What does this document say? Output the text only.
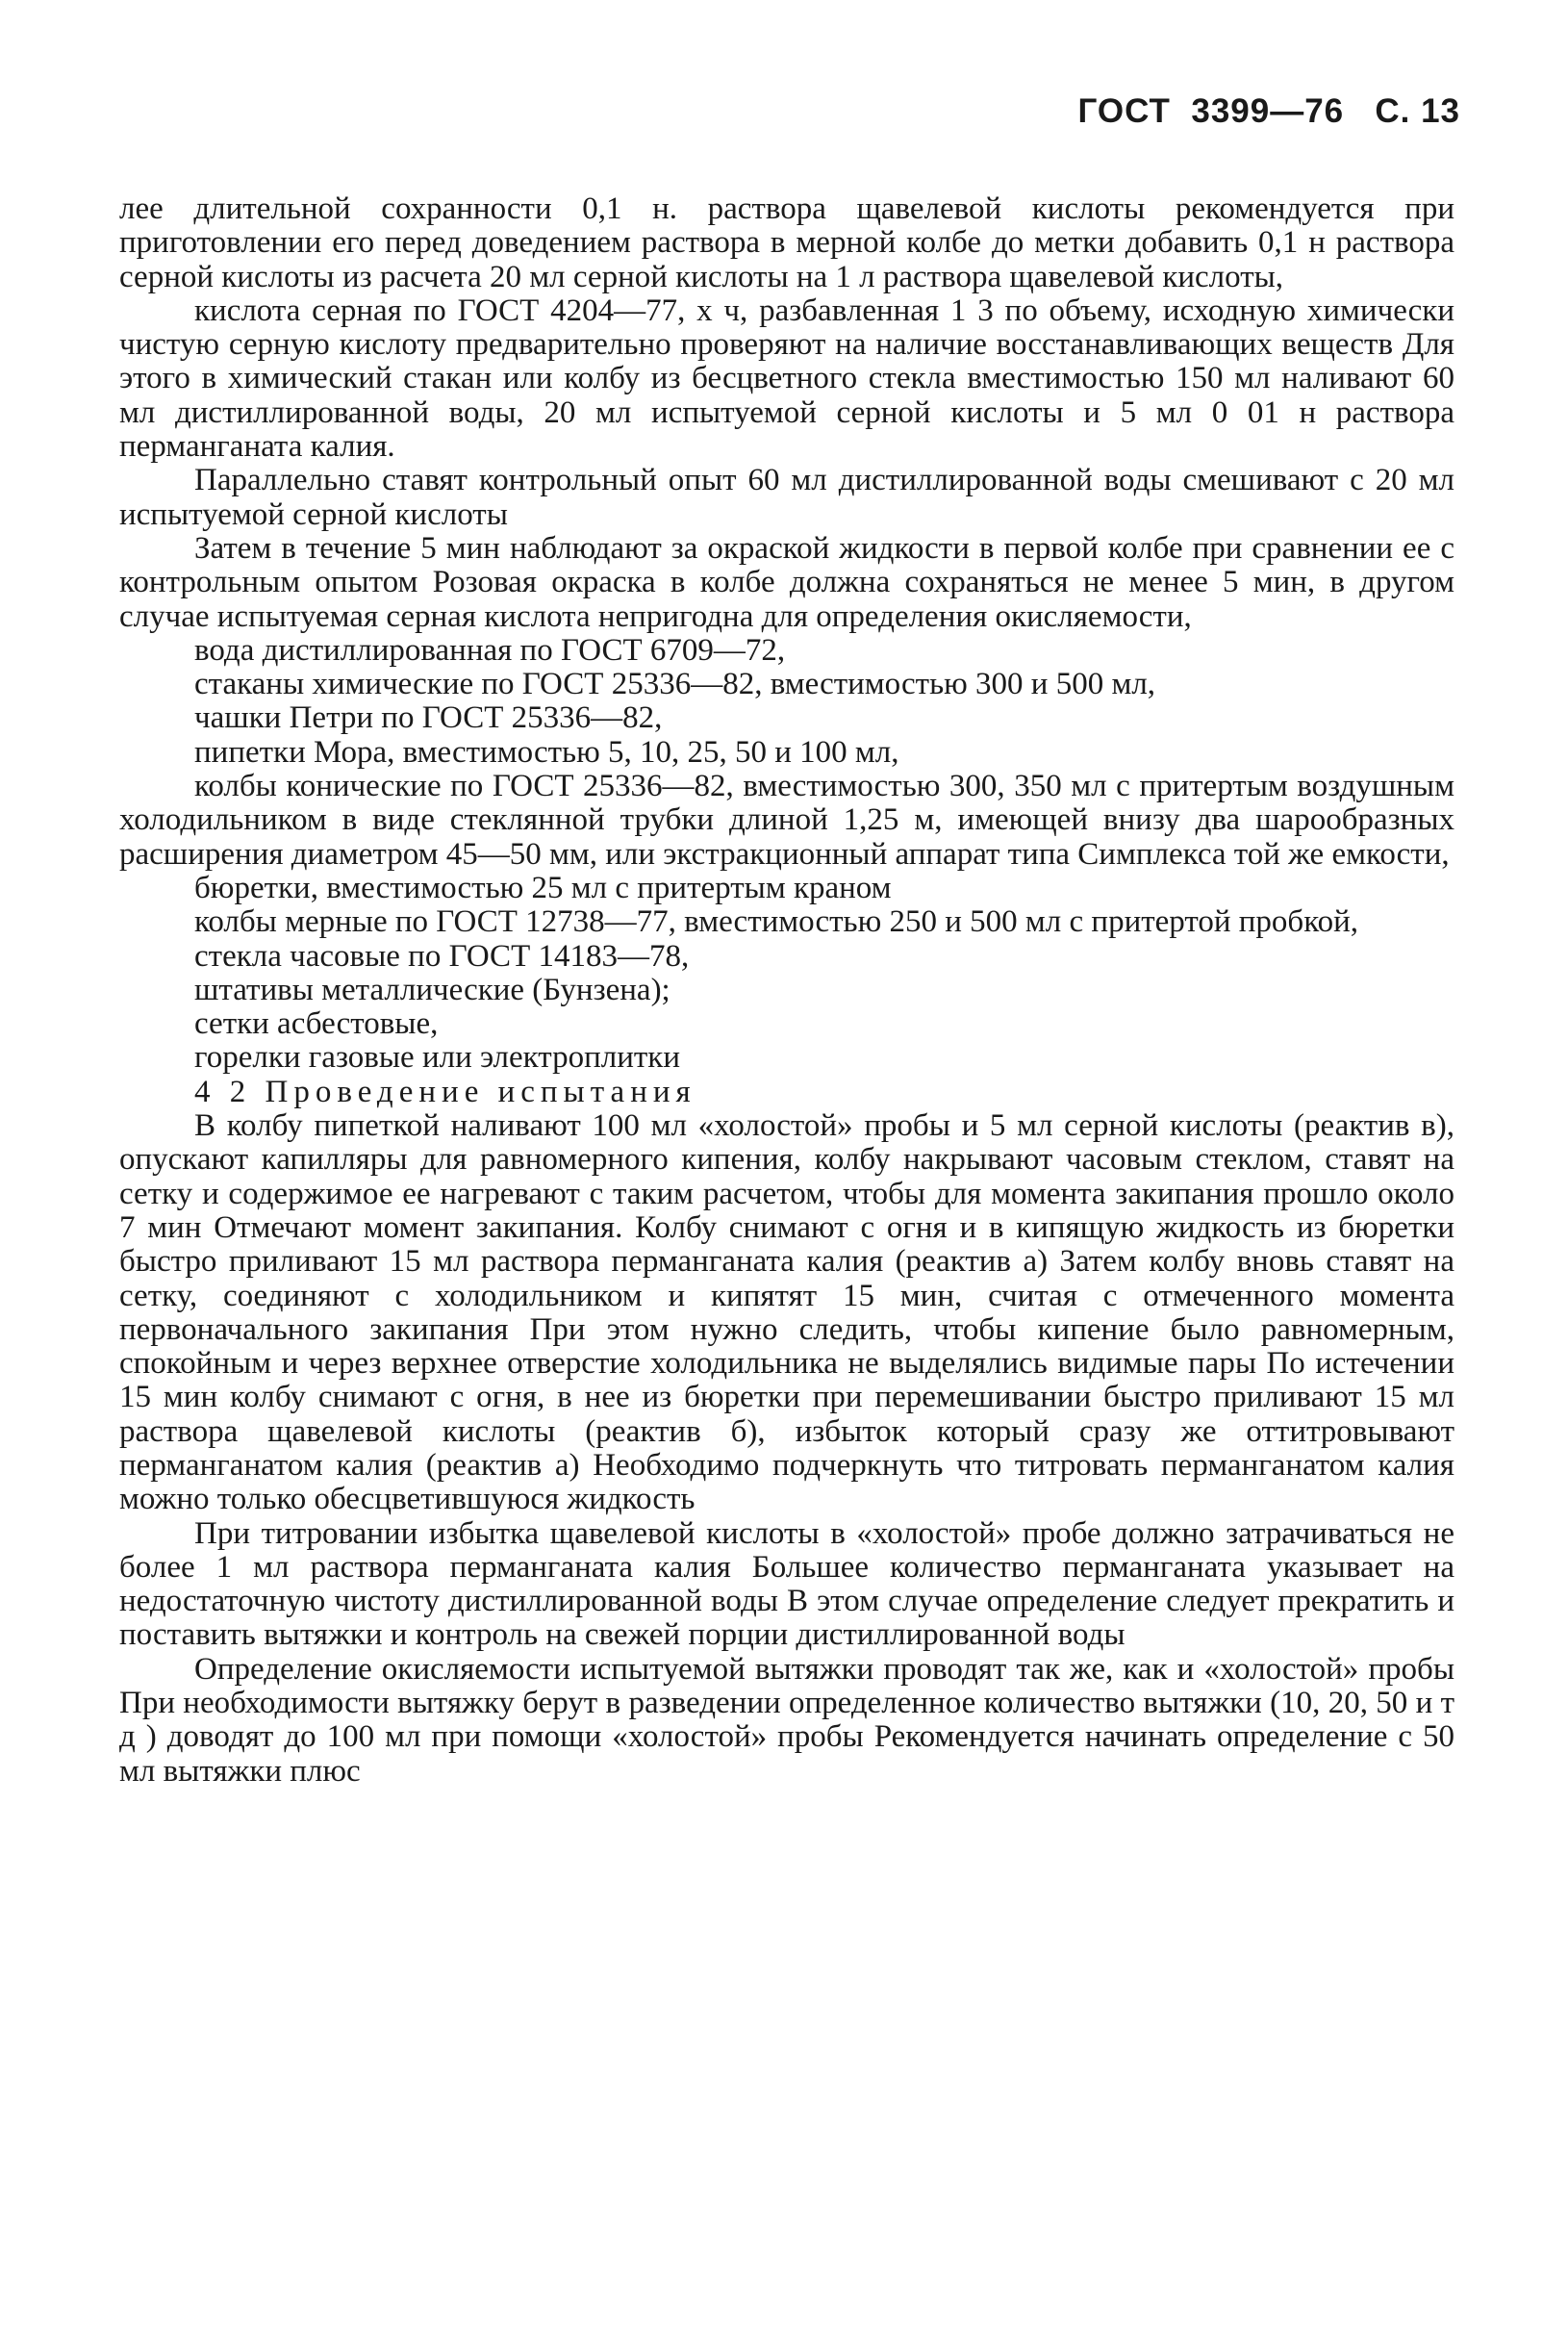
ГОСТ 3399—76 С. 13

лее длительной сохранности 0,1 н. раствора щавелевой кислоты рекомендуется при приготовлении его перед доведением раствора в мерной колбе до метки добавить 0,1 н раствора серной кислоты из расчета 20 мл серной кислоты на 1 л раствора щавелевой кислоты,

кислота серная по ГОСТ 4204—77, х ч, разбавленная 1 3 по объему, исходную химически чистую серную кислоту предварительно проверяют на наличие восстанавливающих веществ Для этого в химический стакан или колбу из бесцветного стекла вместимостью 150 мл наливают 60 мл дистиллированной воды, 20 мл испытуемой серной кислоты и 5 мл 0 01 н раствора перманганата калия.

Параллельно ставят контрольный опыт 60 мл дистиллированной воды смешивают с 20 мл испытуемой серной кислоты

Затем в течение 5 мин наблюдают за окраской жидкости в первой колбе при сравнении ее с контрольным опытом Розовая окраска в колбе должна сохраняться не менее 5 мин, в другом случае испытуемая серная кислота непригодна для определения окисляемости,

вода дистиллированная по ГОСТ 6709—72,

стаканы химические по ГОСТ 25336—82, вместимостью 300 и 500 мл,

чашки Петри по ГОСТ 25336—82,

пипетки Мора, вместимостью 5, 10, 25, 50 и 100 мл,

колбы конические по ГОСТ 25336—82, вместимостью 300, 350 мл с притертым воздушным холодильником в виде стеклянной трубки длиной 1,25 м, имеющей внизу два шарообразных расширения диаметром 45—50 мм, или экстракционный аппарат типа Симплекса той же емкости,

бюретки, вместимостью 25 мл с притертым краном

колбы мерные по ГОСТ 12738—77, вместимостью 250 и 500 мл с притертой пробкой,

стекла часовые по ГОСТ 14183—78,

штативы металлические (Бунзена);

сетки асбестовые,

горелки газовые или электроплитки

4 2 Проведение испытания

В колбу пипеткой наливают 100 мл «холостой» пробы и 5 мл серной кислоты (реактив в), опускают капилляры для равномерного кипения, колбу накрывают часовым стеклом, ставят на сетку и содержимое ее нагревают с таким расчетом, чтобы для момента закипания прошло около 7 мин Отмечают момент закипания. Колбу снимают с огня и в кипящую жидкость из бюретки быстро приливают 15 мл раствора перманганата калия (реактив а) Затем колбу вновь ставят на сетку, соединяют с холодильником и кипятят 15 мин, считая с отмеченного момента первоначального закипания При этом нужно следить, чтобы кипение было равномерным, спокойным и через верхнее отверстие холодильника не выделялись видимые пары По истечении 15 мин колбу снимают с огня, в нее из бюретки при перемешивании быстро приливают 15 мл раствора щавелевой кислоты (реактив б), избыток который сразу же оттитровывают перманганатом калия (реактив а) Необходимо подчеркнуть что титровать перманганатом калия можно только обесцветившуюся жидкость

При титровании избытка щавелевой кислоты в «холостой» пробе должно затрачиваться не более 1 мл раствора перманганата калия Большее количество перманганата указывает на недостаточную чистоту дистиллированной воды В этом случае определение следует прекратить и поставить вытяжки и контроль на свежей порции дистиллированной воды

Определение окисляемости испытуемой вытяжки проводят так же, как и «холостой» пробы При необходимости вытяжку берут в разведении определенное количество вытяжки (10, 20, 50 и т д ) доводят до 100 мл при помощи «холостой» пробы Рекомендуется начинать определение с 50 мл вытяжки плюс
